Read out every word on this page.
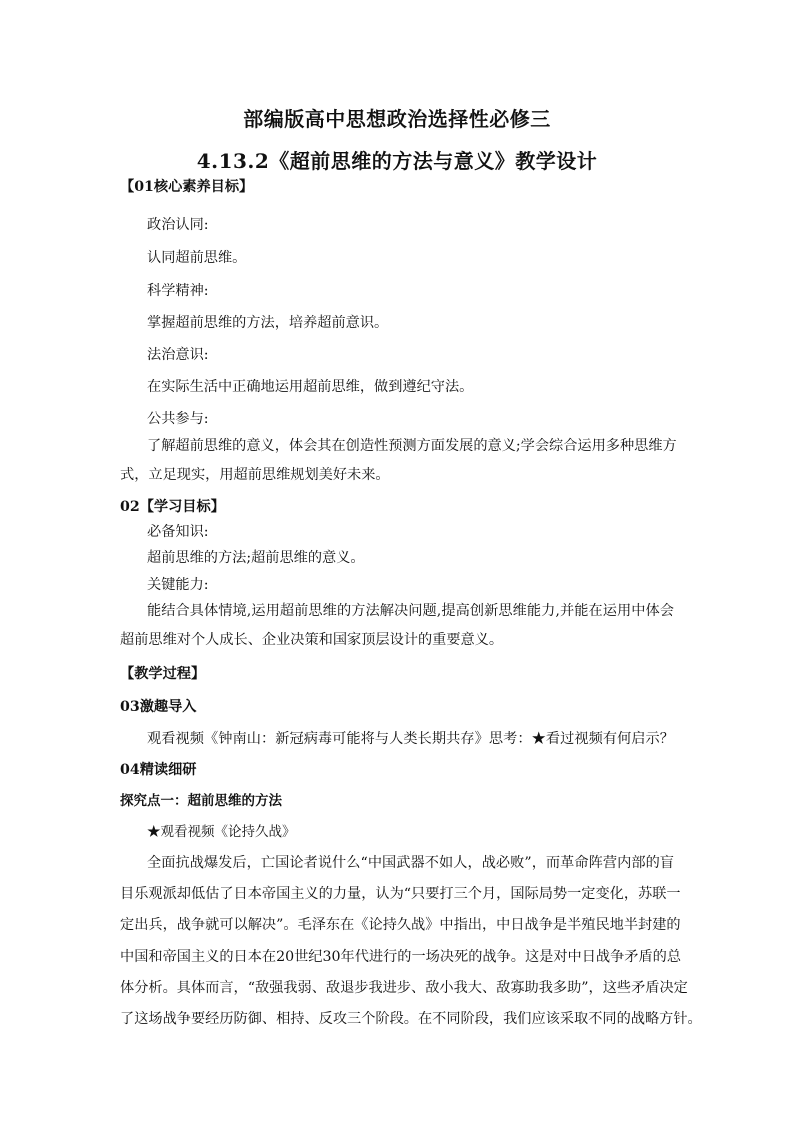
部编版高中思想政治选择性必修三
4.13.2《超前思维的方法与意义》教学设计
【01核心素养目标】
政治认同:
认同超前思维。
科学精神:
掌握超前思维的方法，培养超前意识。
法治意识:
在实际生活中正确地运用超前思维，做到遵纪守法。
公共参与:
了解超前思维的意义，体会其在创造性预测方面发展的意义;学会综合运用多种思维方
式，立足现实，用超前思维规划美好未来。
02【学习目标】
必备知识:
超前思维的方法;超前思维的意义。
关键能力:
能结合具体情境,运用超前思维的方法解决问题,提高创新思维能力,并能在运用中体会
超前思维对个人成长、企业决策和国家顶层设计的重要意义。
【教学过程】
03激趣导入
观看视频《钟南山：新冠病毒可能将与人类长期共存》思考：★看过视频有何启示？
04精读细研
探究点一：超前思维的方法
★观看视频《论持久战》
全面抗战爆发后，亡国论者说什么“中国武器不如人，战必败”，而革命阵营内部的盲
目乐观派却低估了日本帝国主义的力量，认为“只要打三个月，国际局势一定变化，苏联一
定出兵，战争就可以解决”。毛泽东在《论持久战》中指出，中日战争是半殖民地半封建的
中国和帝国主义的日本在20世纪30年代进行的一场决死的战争。这是对中日战争矛盾的总
体分析。具体而言，“敌强我弱、敌退步我进步、敌小我大、敌寡助我多助”，这些矛盾决定
了这场战争要经历防御、相持、反攻三个阶段。在不同阶段，我们应该采取不同的战略方针。
